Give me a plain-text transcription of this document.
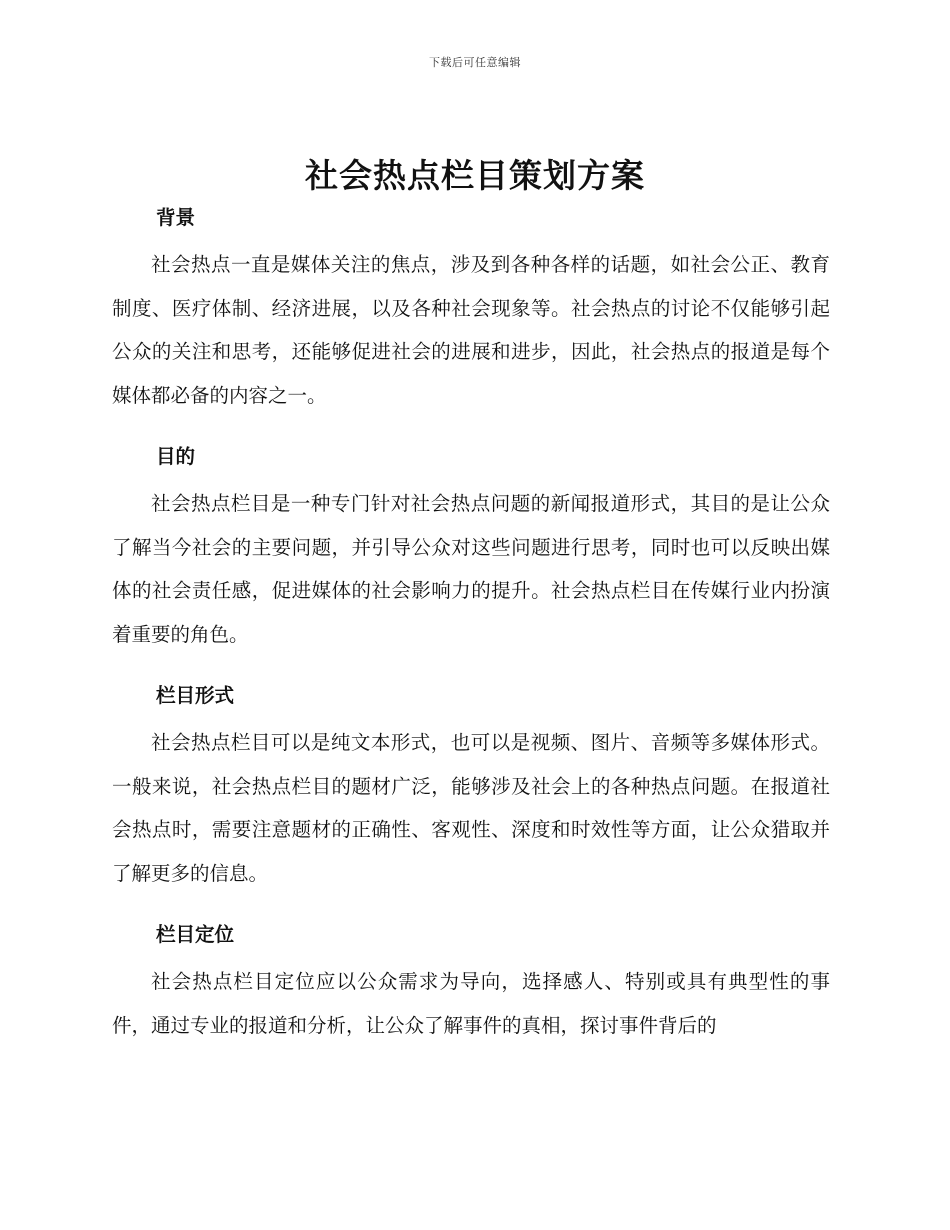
下载后可任意编辑
社会热点栏目策划方案
背景

社会热点一直是媒体关注的焦点，涉及到各种各样的话题，如社会公正、教育制度、医疗体制、经济进展，以及各种社会现象等。社会热点的讨论不仅能够引起公众的关注和思考，还能够促进社会的进展和进步，因此，社会热点的报道是每个媒体都必备的内容之一。

目的

社会热点栏目是一种专门针对社会热点问题的新闻报道形式，其目的是让公众了解当今社会的主要问题，并引导公众对这些问题进行思考，同时也可以反映出媒体的社会责任感，促进媒体的社会影响力的提升。社会热点栏目在传媒行业内扮演着重要的角色。

栏目形式

社会热点栏目可以是纯文本形式，也可以是视频、图片、音频等多媒体形式。一般来说，社会热点栏目的题材广泛，能够涉及社会上的各种热点问题。在报道社会热点时，需要注意题材的正确性、客观性、深度和时效性等方面，让公众猎取并了解更多的信息。

栏目定位

社会热点栏目定位应以公众需求为导向，选择感人、特别或具有典型性的事件，通过专业的报道和分析，让公众了解事件的真相，探讨事件背后的
